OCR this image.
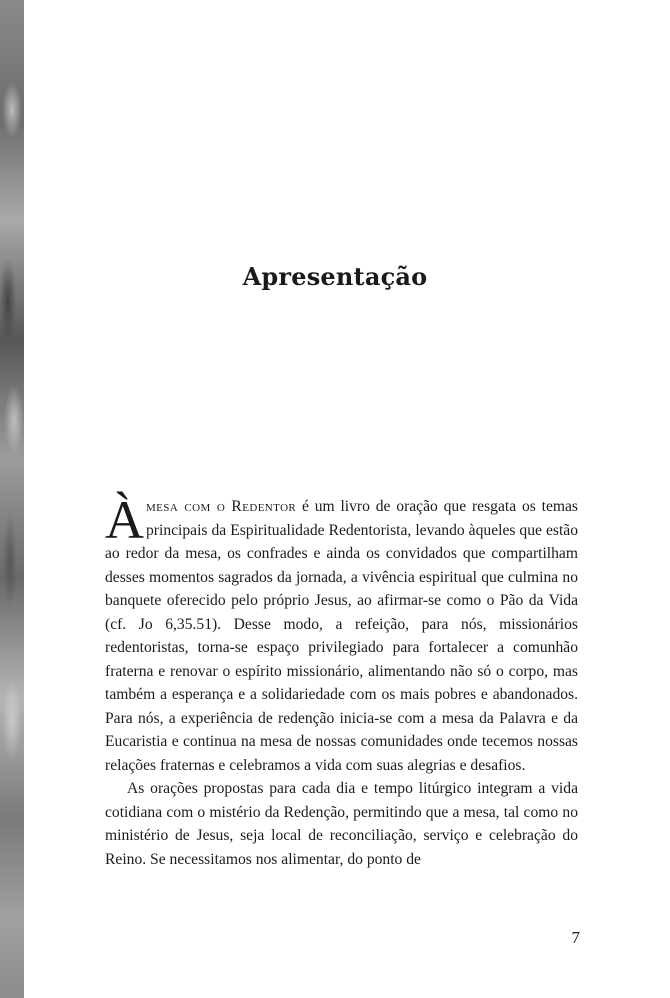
Apresentação

Àmesa com o Redentor é um livro de oração que resgata os temas principais da Espiritualidade Redentorista, levando àqueles que estão ao redor da mesa, os confrades e ainda os convidados que compartilham desses momentos sagrados da jornada, a vivência espiritual que culmina no banquete oferecido pelo próprio Jesus, ao afirmar-se como o Pão da Vida (cf. Jo 6,35.51). Desse modo, a refeição, para nós, missionários redentoristas, torna-se espaço privilegiado para fortalecer a comunhão fraterna e renovar o espírito missionário, alimentando não só o corpo, mas também a esperança e a solidariedade com os mais pobres e abandonados. Para nós, a experiência de redenção inicia-se com a mesa da Palavra e da Eucaristia e continua na mesa de nossas comunidades onde tecemos nossas relações fraternas e celebramos a vida com suas alegrias e desafios.

As orações propostas para cada dia e tempo litúrgico integram a vida cotidiana com o mistério da Redenção, permitindo que a mesa, tal como no ministério de Jesus, seja local de reconciliação, serviço e celebração do Reino. Se necessitamos nos alimentar, do ponto de

7
